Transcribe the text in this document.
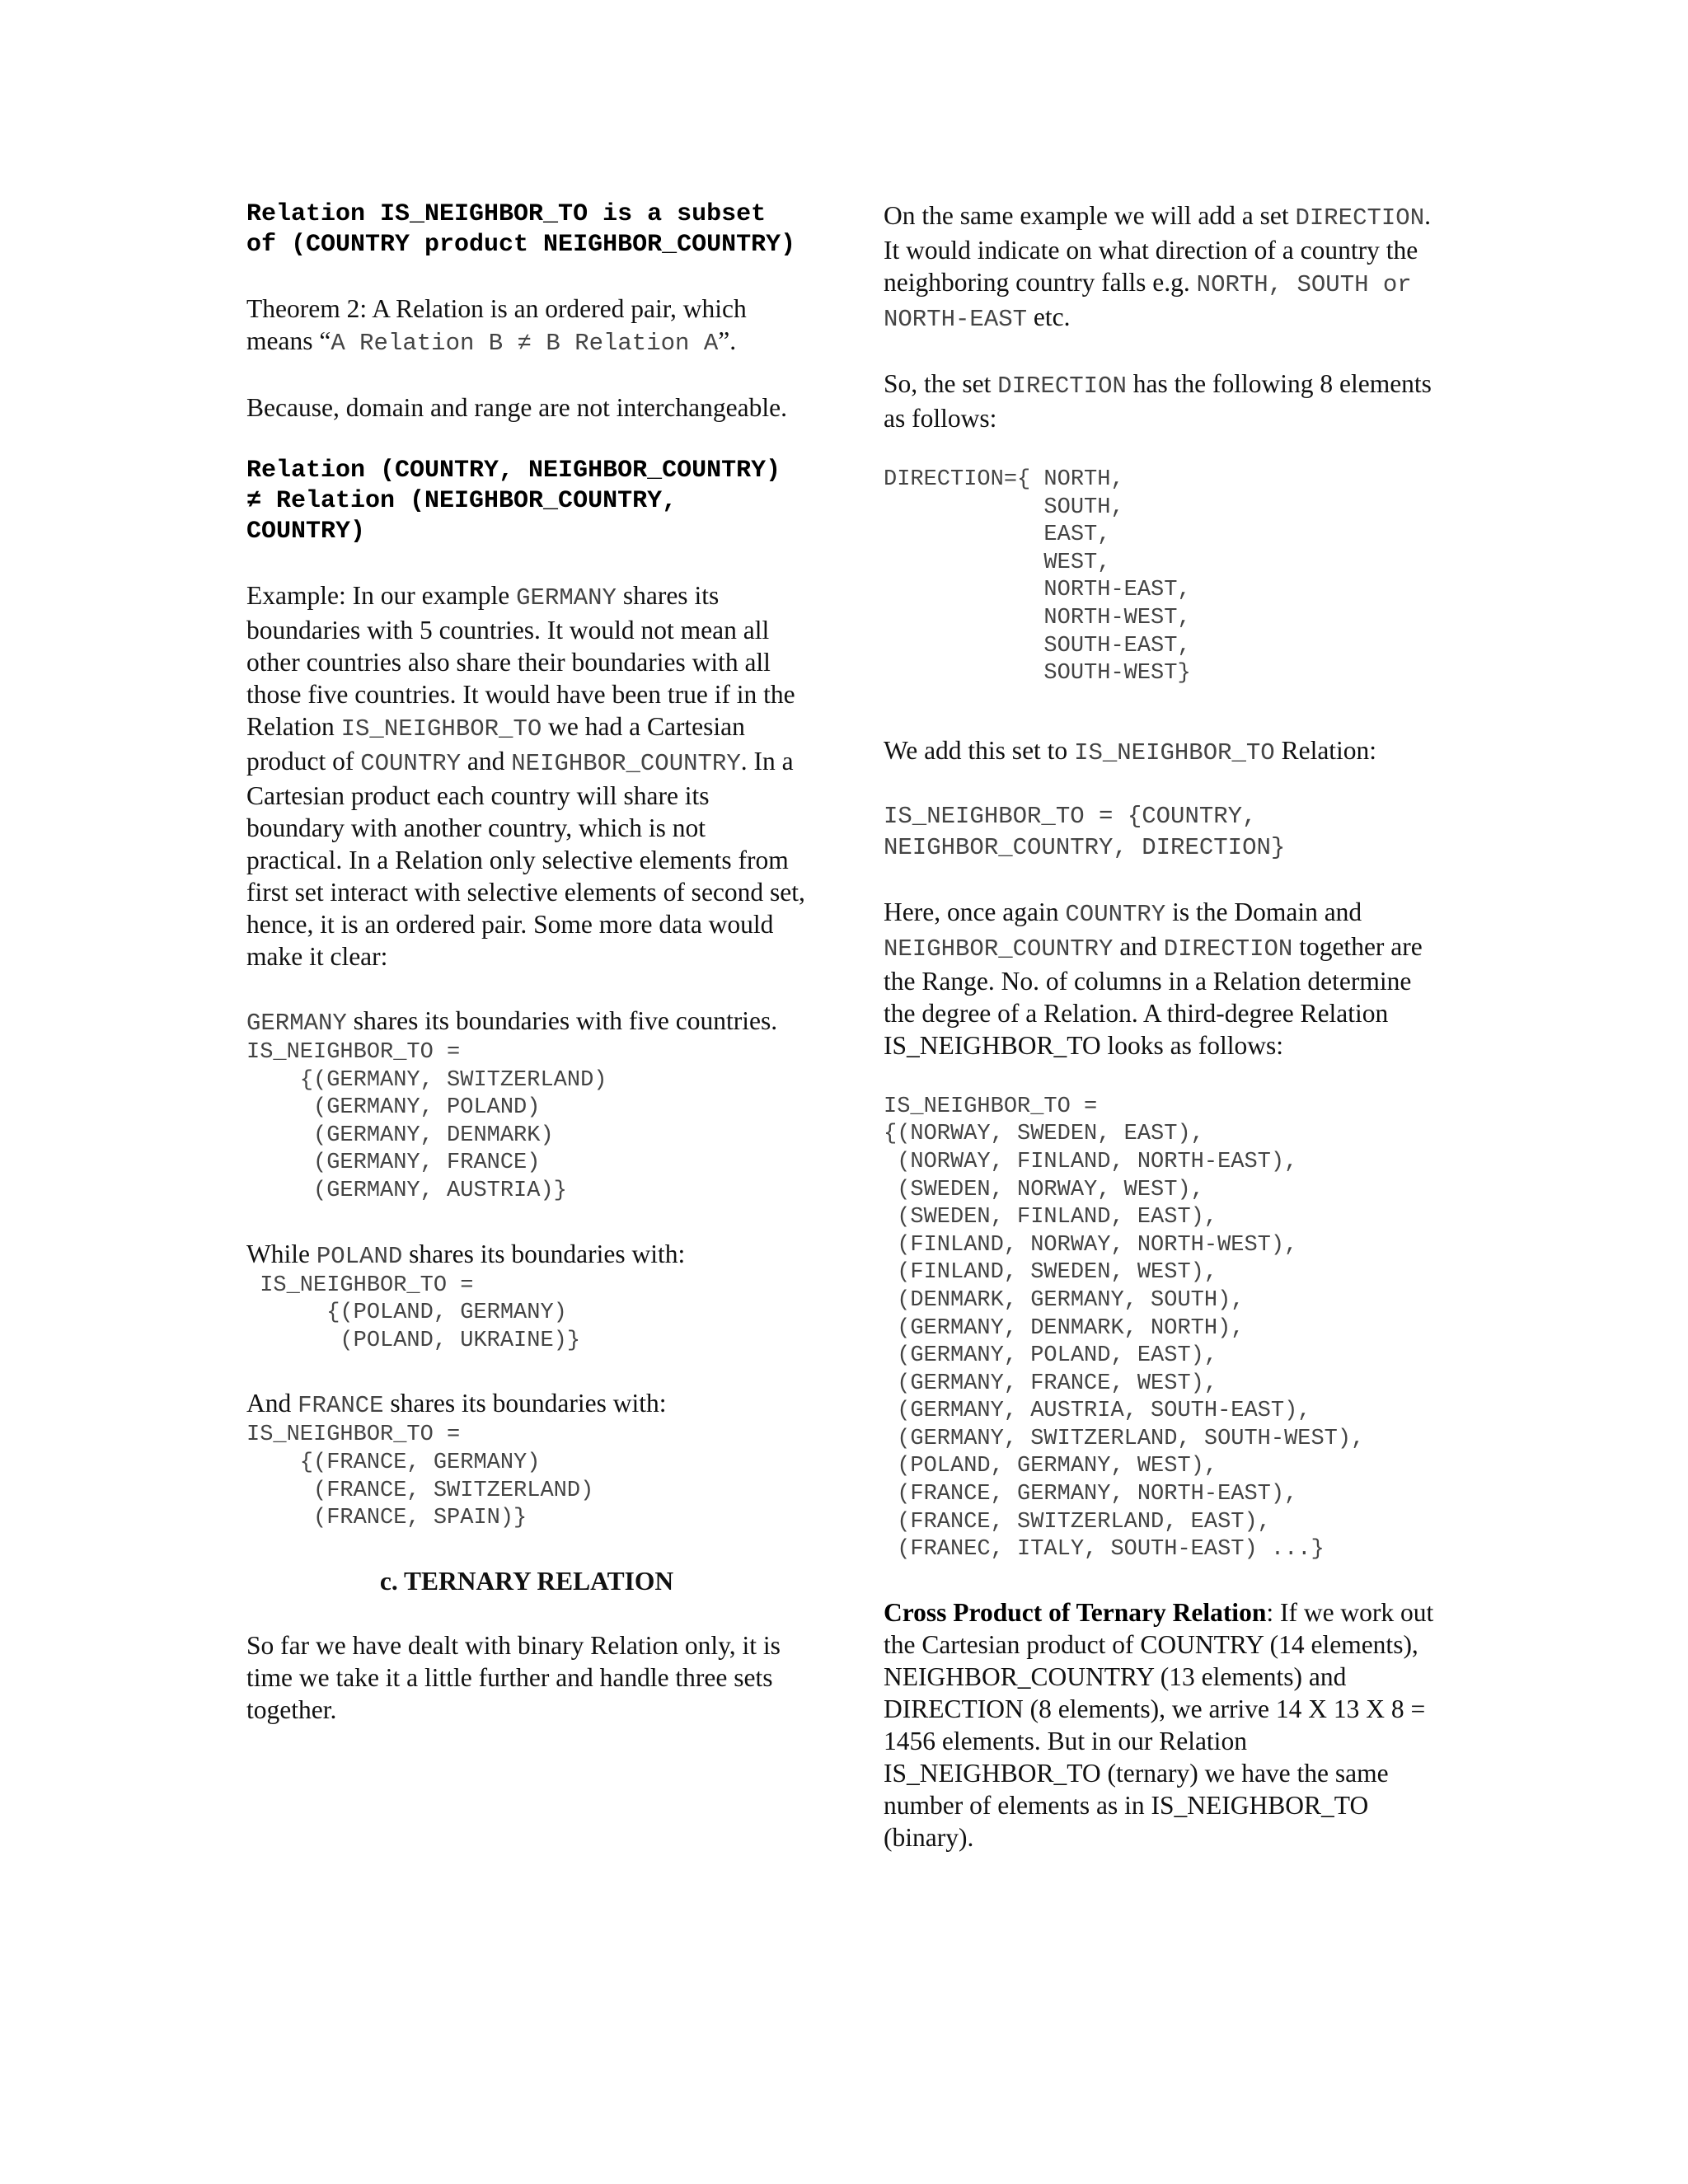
Relation IS_NEIGHBOR_TO is a subset of (COUNTRY product NEIGHBOR_COUNTRY)

Theorem 2: A Relation is an ordered pair, which means “A Relation B ≠ B Relation A”.

Because, domain and range are not interchangeable.

Relation (COUNTRY, NEIGHBOR_COUNTRY) ≠ Relation (NEIGHBOR_COUNTRY, COUNTRY)

Example: In our example GERMANY shares its boundaries with 5 countries. It would not mean all other countries also share their boundaries with all those five countries. It would have been true if in the Relation IS_NEIGHBOR_TO we had a Cartesian product of COUNTRY and NEIGHBOR_COUNTRY. In a Cartesian product each country will share its boundary with another country, which is not practical. In a Relation only selective elements from first set interact with selective elements of second set, hence, it is an ordered pair. Some more data would make it clear:

GERMANY shares its boundaries with five countries.

IS_NEIGHBOR_TO =
{(GERMANY, SWITZERLAND)
(GERMANY, POLAND)
(GERMANY, DENMARK)
(GERMANY, FRANCE)
(GERMANY, AUSTRIA)}

While POLAND shares its boundaries with:

IS_NEIGHBOR_TO =
{(POLAND, GERMANY)
(POLAND, UKRAINE)}

And FRANCE shares its boundaries with:

IS_NEIGHBOR_TO =
{(FRANCE, GERMANY)
(FRANCE, SWITZERLAND)
(FRANCE, SPAIN)}

c. TERNARY RELATION

So far we have dealt with binary Relation only, it is time we take it a little further and handle three sets together.

On the same example we will add a set DIRECTION. It would indicate on what direction of a country the neighboring country falls e.g. NORTH, SOUTH or NORTH-EAST etc.

So, the set DIRECTION has the following 8 elements as follows:

DIRECTION={ NORTH,
SOUTH,
EAST,
WEST,
NORTH-EAST,
NORTH-WEST,
SOUTH-EAST,
SOUTH-WEST}

We add this set to IS_NEIGHBOR_TO Relation:

IS_NEIGHBOR_TO = {COUNTRY,
NEIGHBOR_COUNTRY, DIRECTION}

Here, once again COUNTRY is the Domain and NEIGHBOR_COUNTRY and DIRECTION together are the Range. No. of columns in a Relation determine the degree of a Relation. A third-degree Relation IS_NEIGHBOR_TO looks as follows:

IS_NEIGHBOR_TO =
{(NORWAY, SWEDEN, EAST),
(NORWAY, FINLAND, NORTH-EAST),
(SWEDEN, NORWAY, WEST),
(SWEDEN, FINLAND, EAST),
(FINLAND, NORWAY, NORTH-WEST),
(FINLAND, SWEDEN, WEST),
(DENMARK, GERMANY, SOUTH),
(GERMANY, DENMARK, NORTH),
(GERMANY, POLAND, EAST),
(GERMANY, FRANCE, WEST),
(GERMANY, AUSTRIA, SOUTH-EAST),
(GERMANY, SWITZERLAND, SOUTH-WEST),
(POLAND, GERMANY, WEST),
(FRANCE, GERMANY, NORTH-EAST),
(FRANCE, SWITZERLAND, EAST),
(FRANEC, ITALY, SOUTH-EAST) ...}

Cross Product of Ternary Relation: If we work out the Cartesian product of COUNTRY (14 elements), NEIGHBOR_COUNTRY (13 elements) and DIRECTION (8 elements), we arrive 14 X 13 X 8 = 1456 elements. But in our Relation IS_NEIGHBOR_TO (ternary) we have the same number of elements as in IS_NEIGHBOR_TO (binary).
